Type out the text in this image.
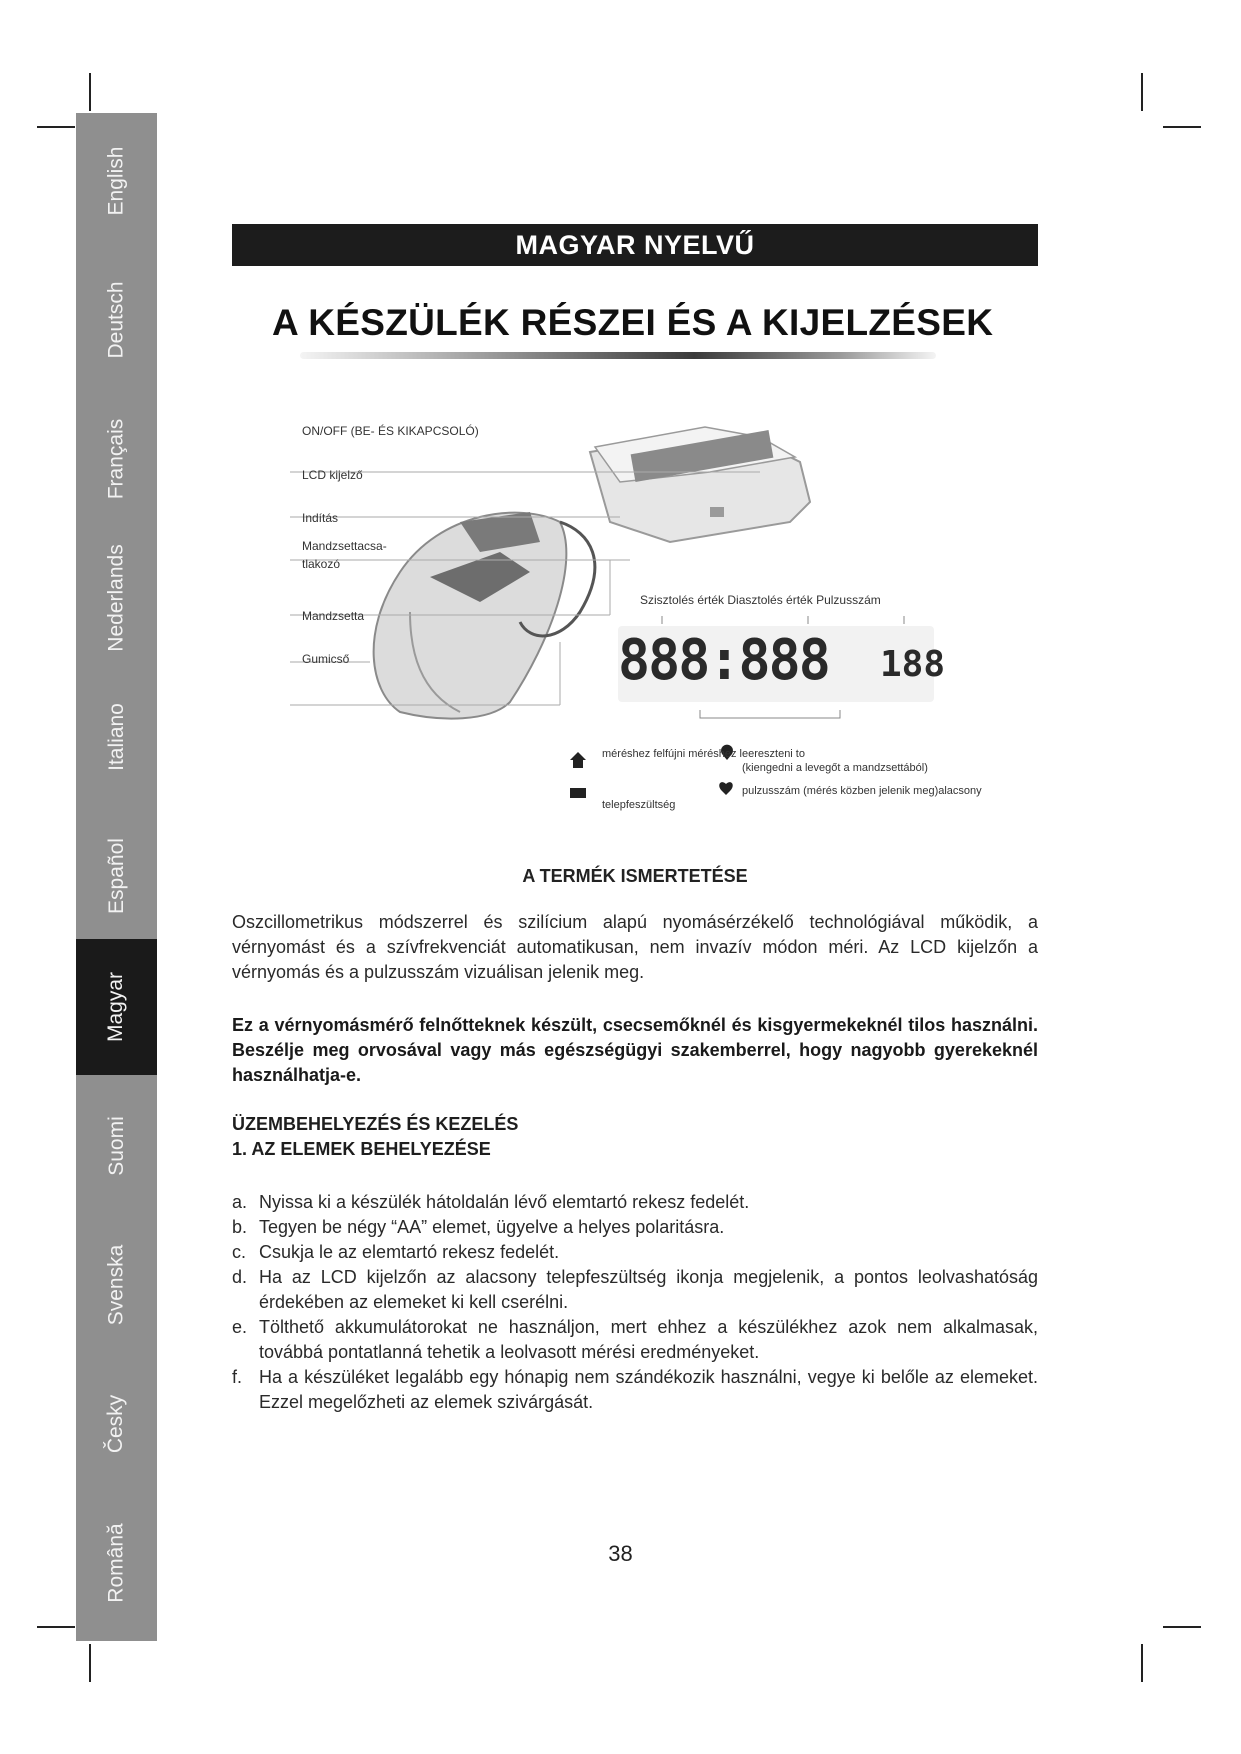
English
Deutsch
Français
Nederlands
Italiano
Español
Magyar
Suomi
Svenska
Česky
Română
MAGYAR NYELVŰ
A KÉSZÜLÉK RÉSZEI ÉS A KIJELZÉSEK
ON/OFF (BE- ÉS KIKAPCSOLÓ)
LCD kijelző
Indítás
Mandzsettacsa-
tlakozó
Mandzsetta
Gumicső
Szisztolés érték Diasztolés érték Pulzusszám
888:888 188
méréshez felfújni méréshez leereszteni to
(kiengedni a levegőt a mandzsettából)
pulzusszám (mérés közben jelenik meg)alacsony
telepfeszültség
A TERMÉK ISMERTETÉSE
Oszcillometrikus módszerrel és szilícium alapú nyomásérzékelő technológiával működik, a vérnyomást és a szívfrekvenciát automatikusan, nem invazív módon méri. Az LCD kijelzőn a vérnyomás és a pulzusszám vizuálisan jelenik meg.
Ez a vérnyomásmérő felnőtteknek készült, csecsemőknél és kisgyermekeknél tilos használni. Beszélje meg orvosával vagy más egészségügyi szakemberrel, hogy nagyobb gyerekeknél használhatja-e.
ÜZEMBEHELYEZÉS ÉS KEZELÉS
1. AZ ELEMEK BEHELYEZÉSE
a. Nyissa ki a készülék hátoldalán lévő elemtartó rekesz fedelét.
b. Tegyen be négy “AA” elemet, ügyelve a helyes polaritásra.
c. Csukja le az elemtartó rekesz fedelét.
d. Ha az LCD kijelzőn az alacsony telepfeszültség ikonja megjelenik, a pontos leolvashatóság érdekében az elemeket ki kell cserélni.
e. Tölthető akkumulátorokat ne használjon, mert ehhez a készülékhez azok nem alkalmasak, továbbá pontatlanná tehetik a leolvasott mérési eredményeket.
f. Ha a készüléket legalább egy hónapig nem szándékozik használni, vegye ki belőle az elemeket. Ezzel megelőzheti az elemek szivárgását.
38
